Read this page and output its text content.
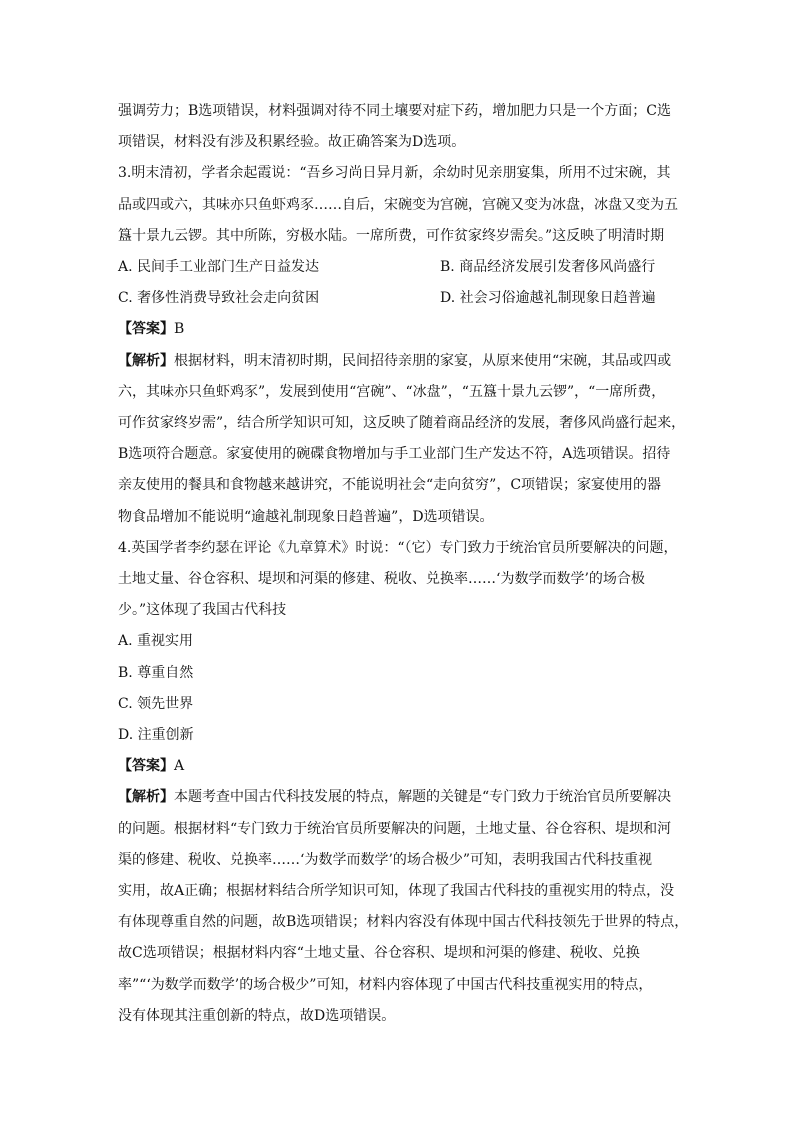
强调劳力；B选项错误，材料强调对待不同土壤要对症下药，增加肥力只是一个方面；C选
项错误，材料没有涉及积累经验。故正确答案为D选项。
3.明末清初，学者余起霞说：“吾乡习尚日异月新，余幼时见亲朋宴集，所用不过宋碗，其
品或四或六，其味亦只鱼虾鸡豕……自后，宋碗变为宫碗，宫碗又变为冰盘，冰盘又变为五
簋十景九云锣。其中所陈，穷极水陆。一席所费，可作贫家终岁需矣。”这反映了明清时期
A. 民间手工业部门生产日益发达	B. 商品经济发展引发奢侈风尚盛行
C. 奢侈性消费导致社会走向贫困	D. 社会习俗逾越礼制现象日趋普遍
【答案】B
【解析】根据材料，明末清初时期，民间招待亲朋的家宴，从原来使用“宋碗，其品或四或
六，其味亦只鱼虾鸡豕”，发展到使用“宫碗”、“冰盘”，“五簋十景九云锣”，“一席所费，
可作贫家终岁需”，结合所学知识可知，这反映了随着商品经济的发展，奢侈风尚盛行起来，
B选项符合题意。家宴使用的碗碟食物增加与手工业部门生产发达不符，A选项错误。招待
亲友使用的餐具和食物越来越讲究，不能说明社会“走向贫穷”，C项错误；家宴使用的器
物食品增加不能说明“逾越礼制现象日趋普遍”，D选项错误。
4.英国学者李约瑟在评论《九章算术》时说：“（它）专门致力于统治官员所要解决的问题，
土地丈量、谷仓容积、堤坝和河渠的修建、税收、兑换率……‘为数学而数学’的场合极
少。”这体现了我国古代科技
A. 重视实用
B. 尊重自然
C. 领先世界
D. 注重创新
【答案】A
【解析】本题考查中国古代科技发展的特点，解题的关键是“专门致力于统治官员所要解决
的问题。根据材料“专门致力于统治官员所要解决的问题，土地丈量、谷仓容积、堤坝和河
渠的修建、税收、兑换率……‘为数学而数学’的场合极少”可知，表明我国古代科技重视
实用，故A正确；根据材料结合所学知识可知，体现了我国古代科技的重视实用的特点，没
有体现尊重自然的问题，故B选项错误；材料内容没有体现中国古代科技领先于世界的特点，
故C选项错误；根据材料内容“土地丈量、谷仓容积、堤坝和河渠的修建、税收、兑换
率”“‘为数学而数学’的场合极少”可知，材料内容体现了中国古代科技重视实用的特点，
没有体现其注重创新的特点，故D选项错误。
